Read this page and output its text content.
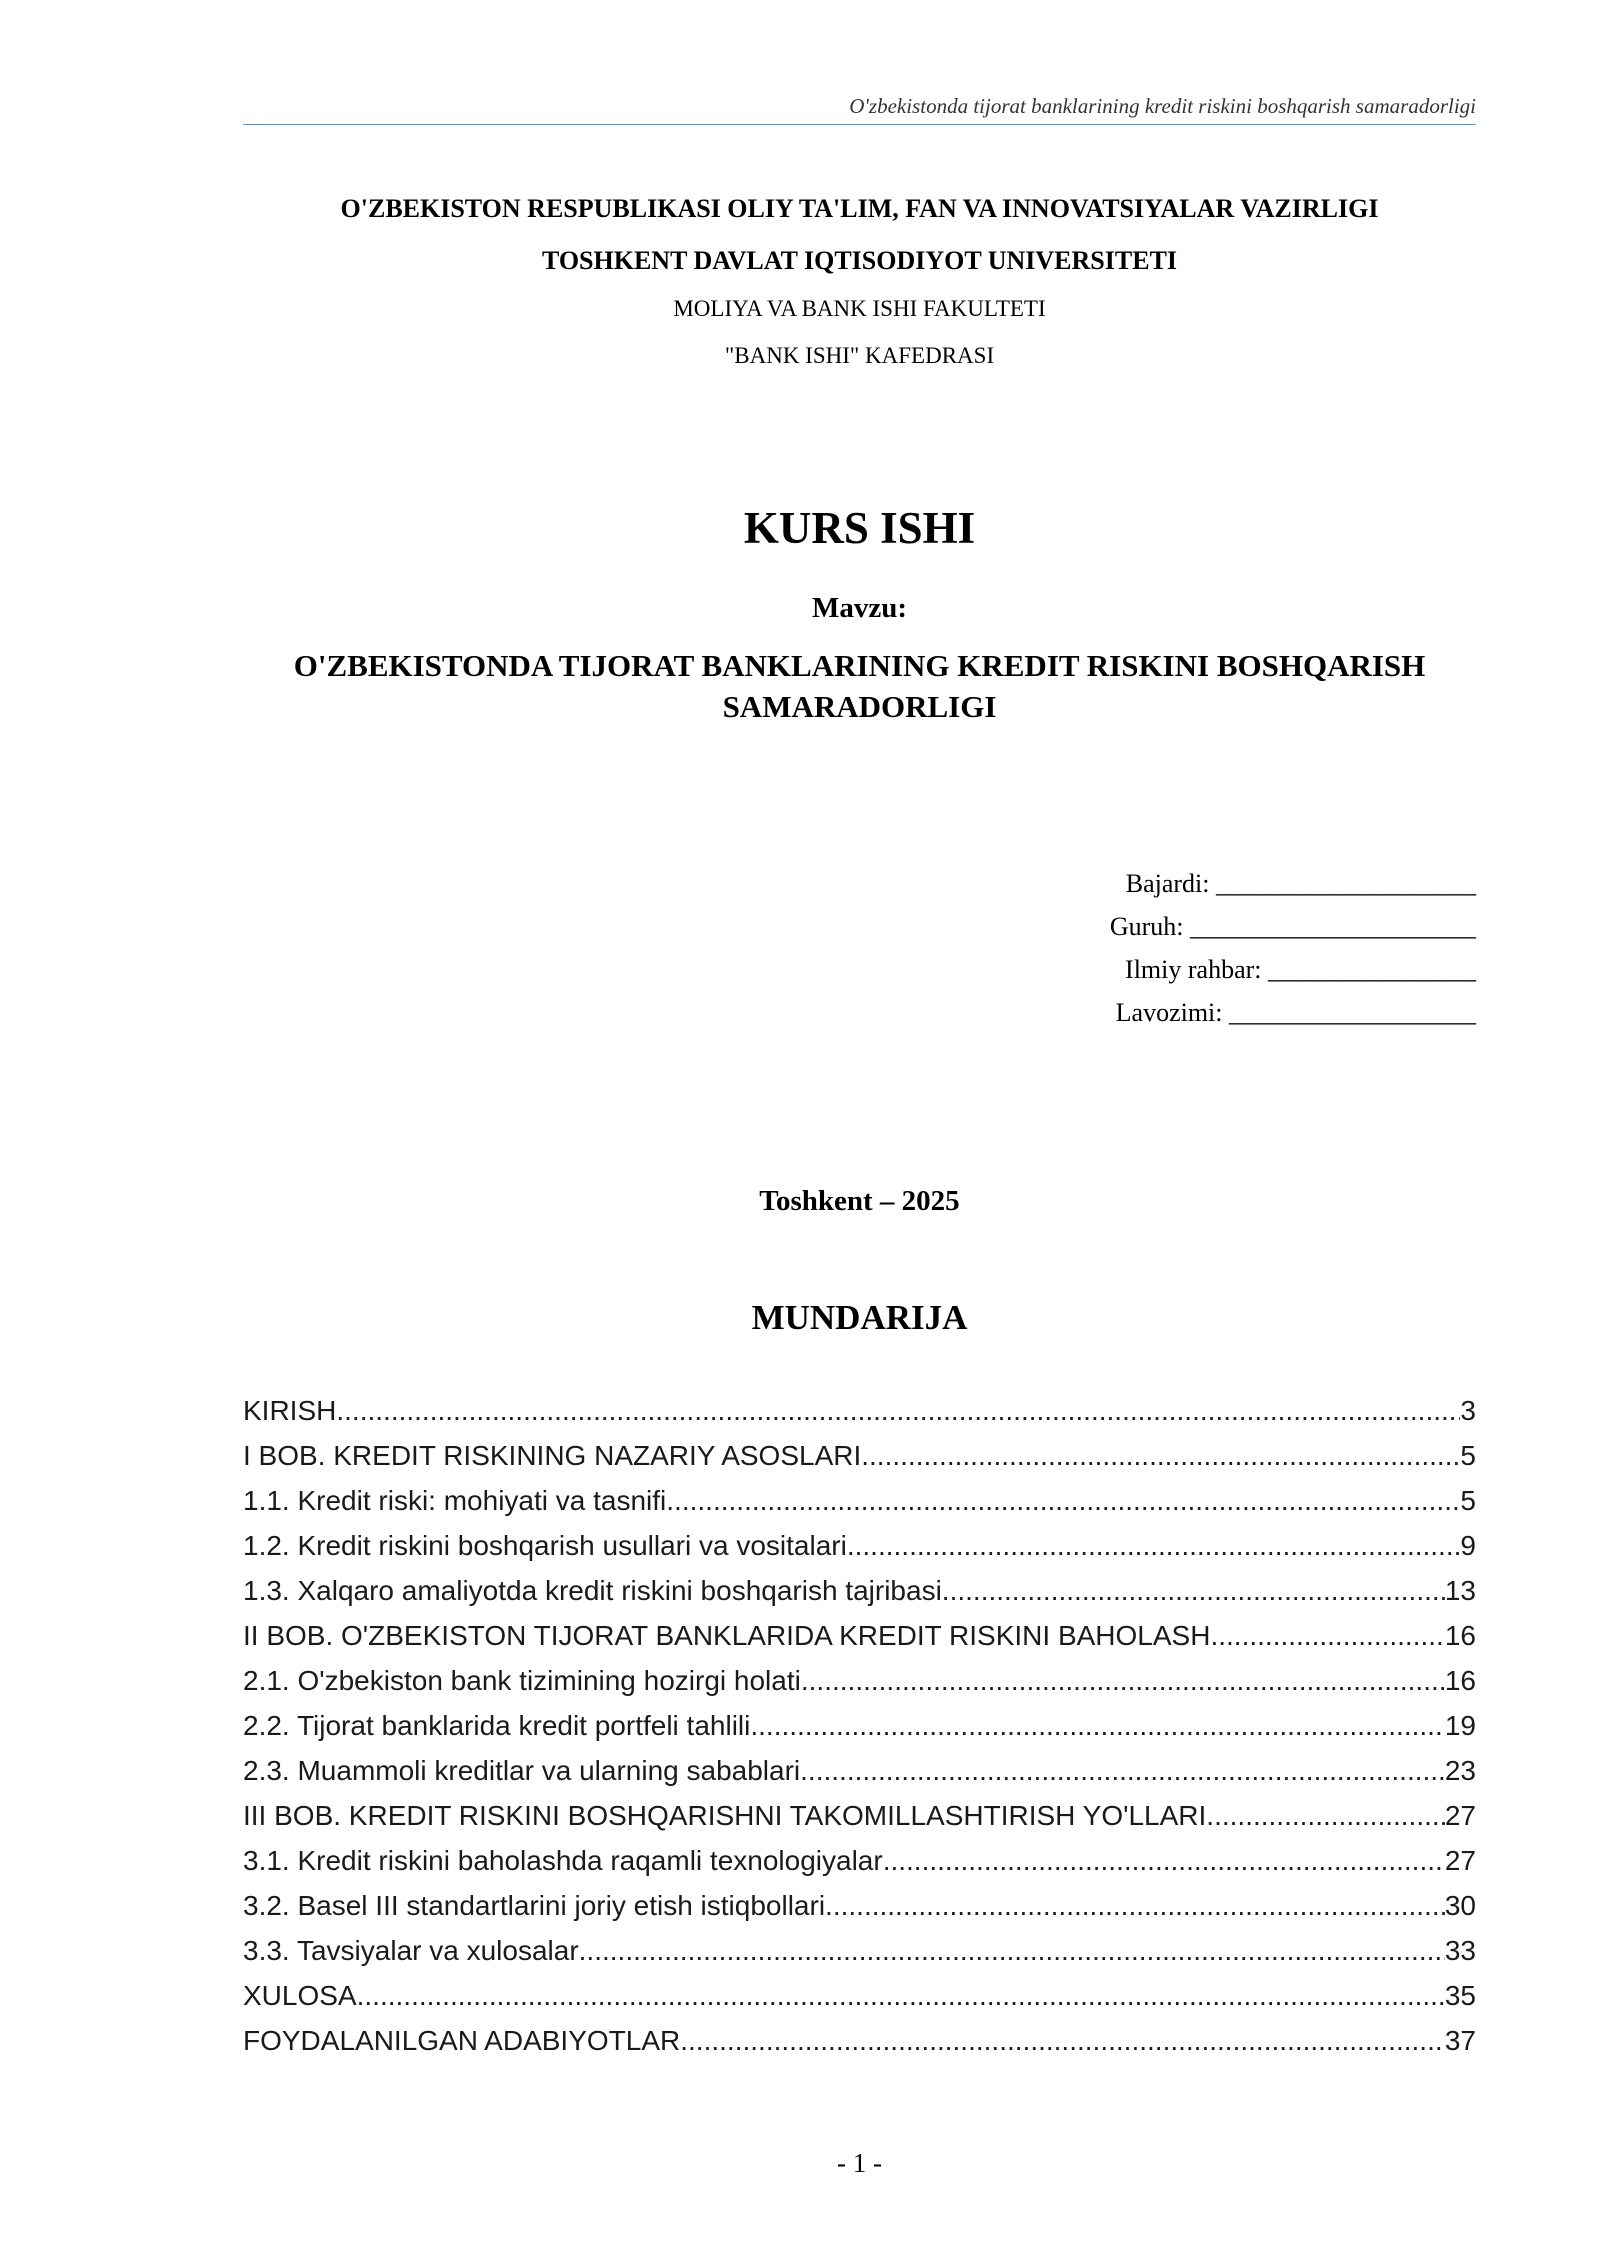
O'zbekistonda tijorat banklarining kredit riskini boshqarish samaradorligi
O'ZBEKISTON RESPUBLIKASI OLIY TA'LIM, FAN VA INNOVATSIYALAR VAZIRLIGI
TOSHKENT DAVLAT IQTISODIYOT UNIVERSITETI
MOLIYA VA BANK ISHI FAKULTETI
"BANK ISHI" KAFEDRASI
KURS ISHI
Mavzu:
O'ZBEKISTONDA TIJORAT BANKLARINING KREDIT RISKINI BOSHQARISH SAMARADORLIGI
Bajardi: ____________________
Guruh: ______________________
Ilmiy rahbar: ________________
Lavozimi: ___________________
Toshkent – 2025
MUNDARIJA
KIRISH .....	3
I BOB. KREDIT RISKINING NAZARIY ASOSLARI .....	5
1.1. Kredit riski: mohiyati va tasnifi .....	5
1.2. Kredit riskini boshqarish usullari va vositalari .....	9
1.3. Xalqaro amaliyotda kredit riskini boshqarish tajribasi .....	13
II BOB. O'ZBEKISTON TIJORAT BANKLARIDA KREDIT RISKINI BAHOLASH .....	16
2.1. O'zbekiston bank tizimining hozirgi holati .....	16
2.2. Tijorat banklarida kredit portfeli tahlili .....	19
2.3. Muammoli kreditlar va ularning sabablari .....	23
III BOB. KREDIT RISKINI BOSHQARISHNI TAKOMILLASHTIRISH YO'LLARI .....	27
3.1. Kredit riskini baholashda raqamli texnologiyalar .....	27
3.2. Basel III standartlarini joriy etish istiqbollari .....	30
3.3. Tavsiyalar va xulosalar .....	33
XULOSA .....	35
FOYDALANILGAN ADABIYOTLAR .....	37
- 1 -
